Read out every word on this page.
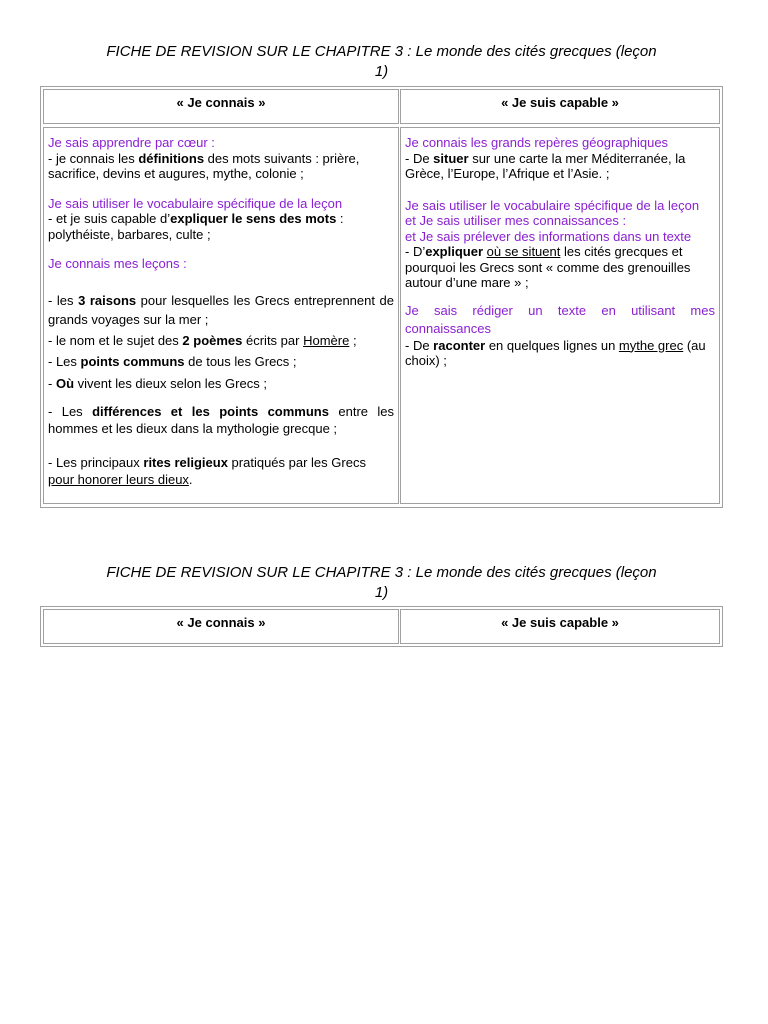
FICHE DE REVISION SUR LE CHAPITRE 3 : Le monde des cités grecques (leçon
1)
« Je connais »	« Je suis capable »

Je sais apprendre par cœur :

- je connais les définitions des mots suivants : prière, sacrifice, devins et augures, mythe, colonie ;

Je sais utiliser le vocabulaire spécifique de la leçon

- et je suis capable d’expliquer le sens des mots : polythéiste, barbares, culte ;

Je connais mes leçons :

- les 3 raisons pour lesquelles les Grecs entreprennent de grands voyages sur la mer ;

- le nom et le sujet des 2 poèmes écrits par Homère ;

- Les points communs de tous les Grecs ;

- Où vivent les dieux selon les Grecs ;

- Les différences et les points communs entre les hommes et les dieux dans la mythologie grecque ;

- Les principaux rites religieux pratiqués par les Grecs pour honorer leurs dieux.

Je connais les grands repères géographiques

- De situer sur une carte la mer Méditerranée, la Grèce, l’Europe, l’Afrique et l’Asie. ;

Je sais utiliser le vocabulaire spécifique de la leçon

et Je sais utiliser mes connaissances :

et Je sais prélever des informations dans un texte

- D’expliquer où se situent les cités grecques et pourquoi les Grecs sont « comme des grenouilles autour d’une mare » ;

Je sais rédiger un texte en utilisant mes connaissances

- De raconter en quelques lignes un mythe grec (au choix) ;

FICHE DE REVISION SUR LE CHAPITRE 3 : Le monde des cités grecques (leçon
1)
« Je connais »	« Je suis capable »
